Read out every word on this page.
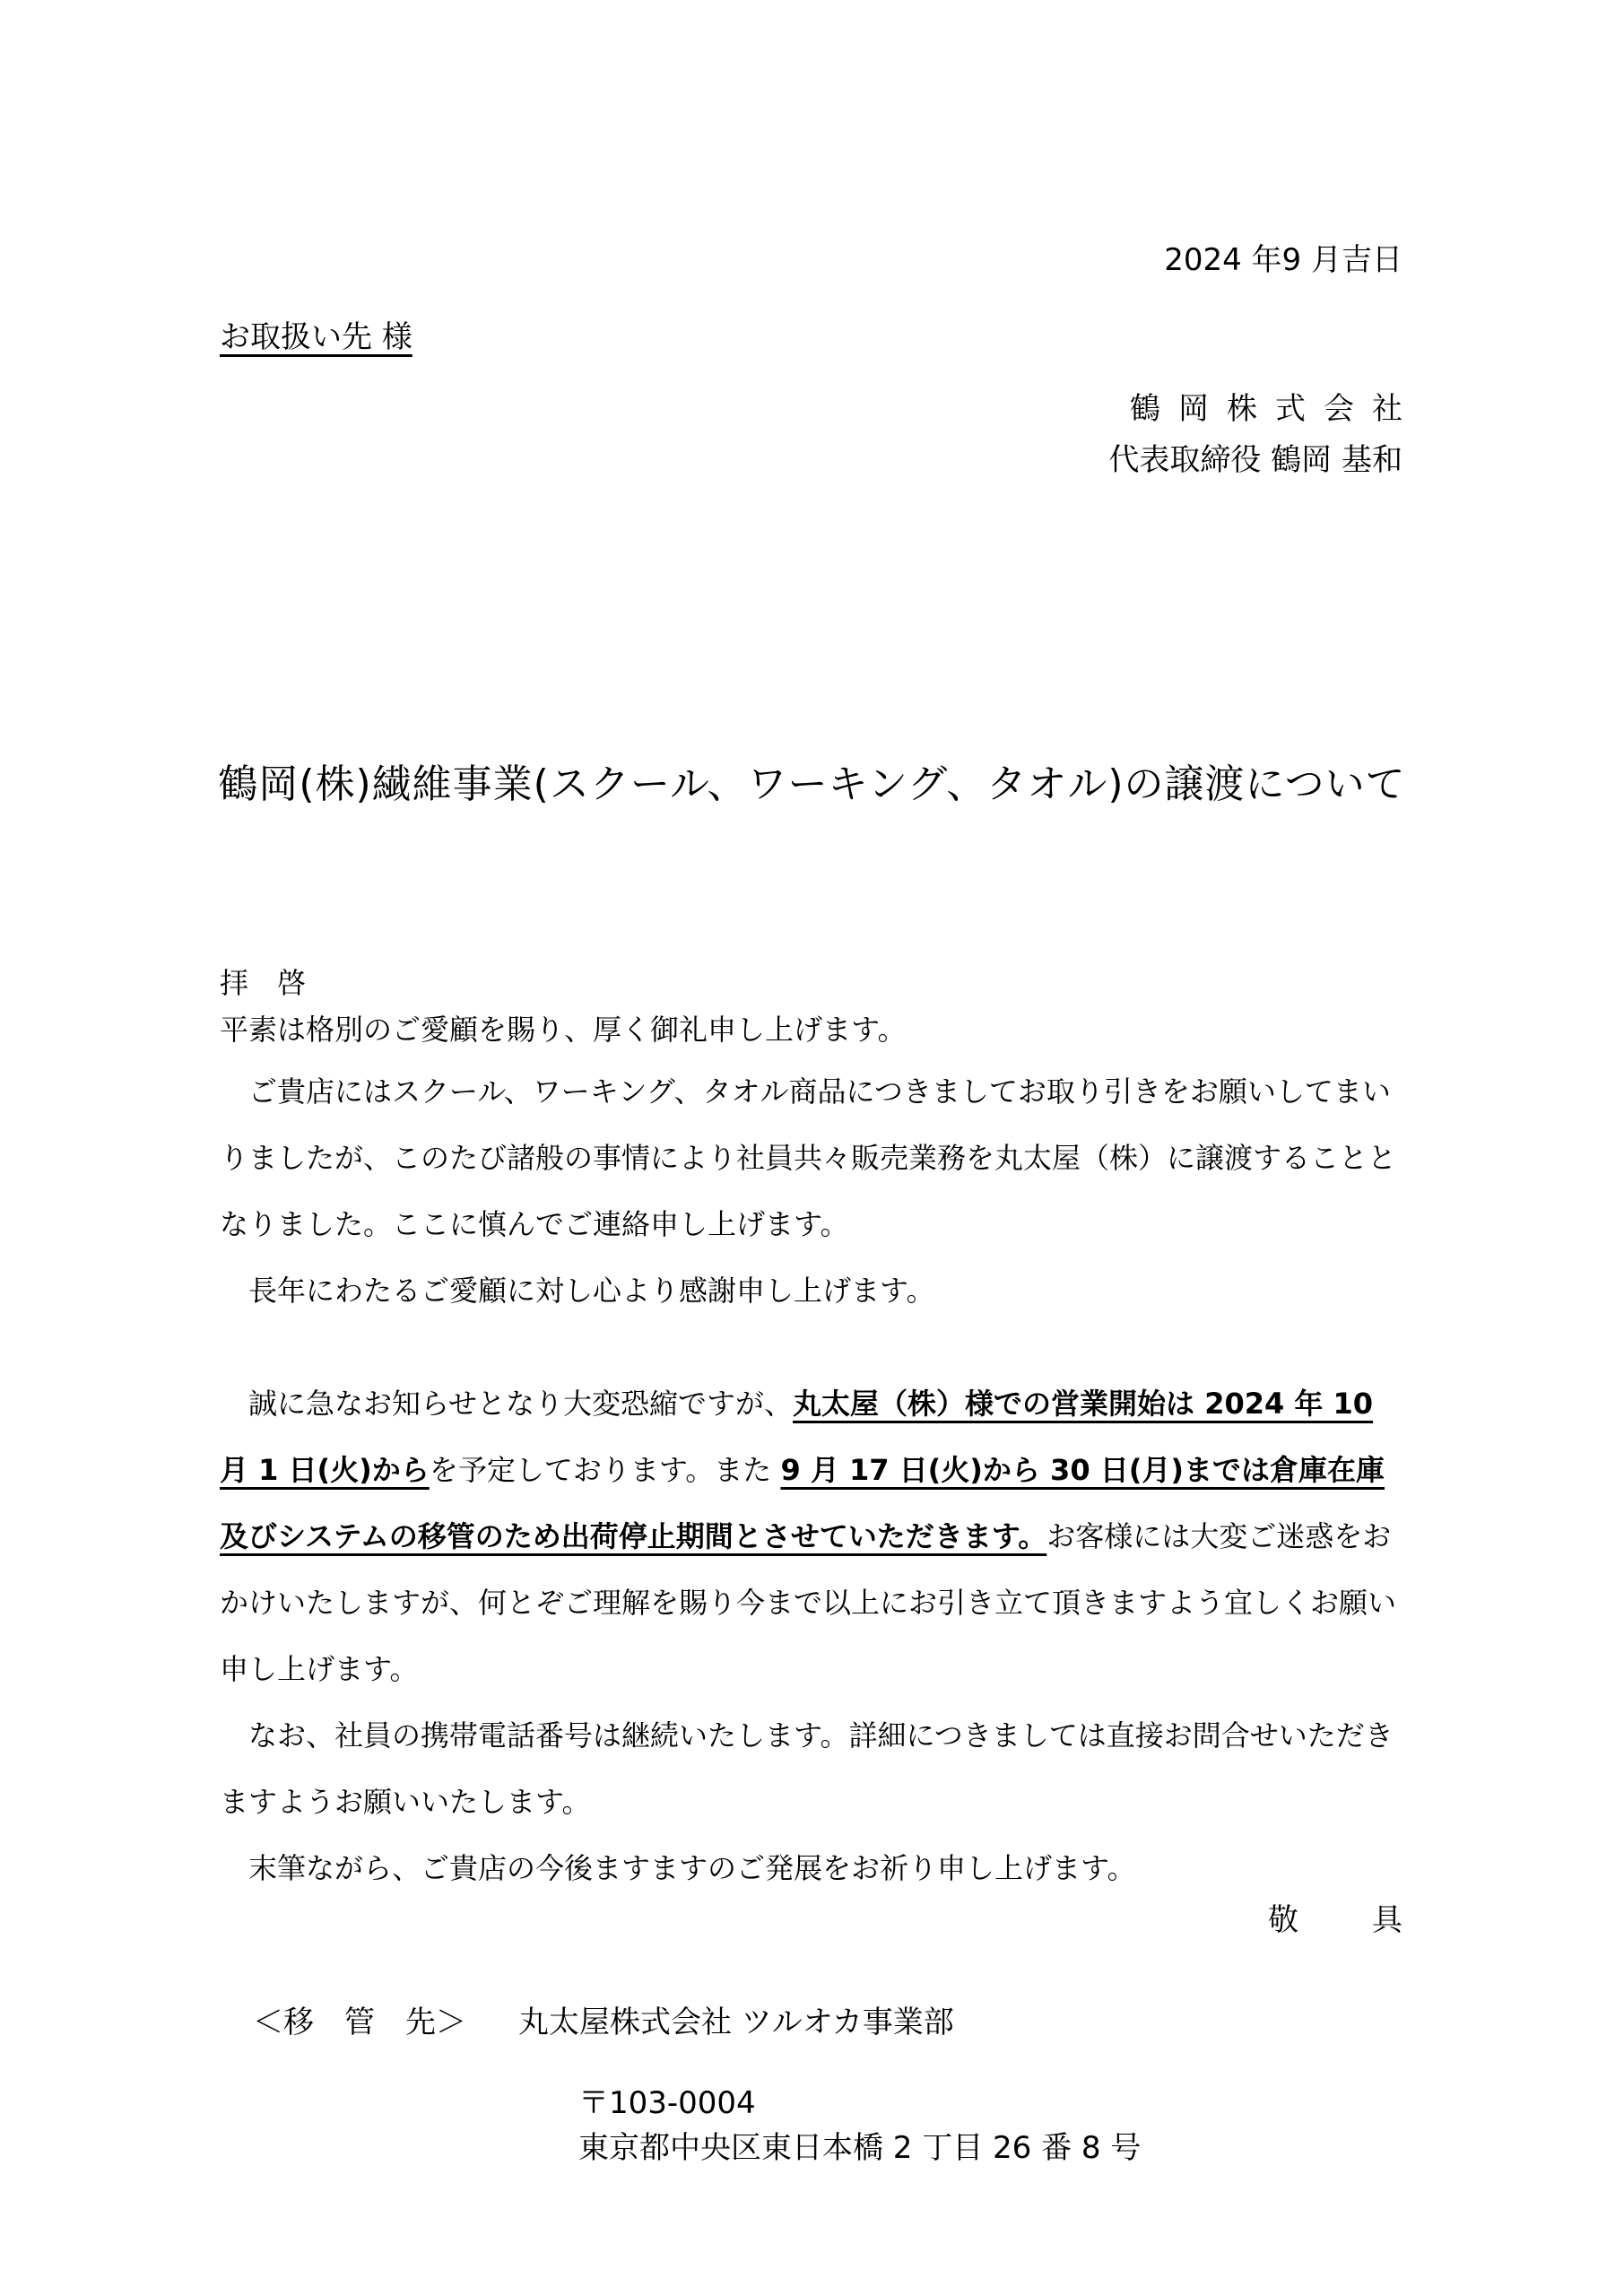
2024 年9 月吉日
お取扱い先 様
鶴岡株式会社
代表取締役 鶴岡 基和
鶴岡(株)繊維事業(スクール、ワーキング、タオル)の譲渡について

拝　啓

平素は格別のご愛顧を賜り、厚く御礼申し上げます。

ご貴店にはスクール、ワーキング、タオル商品につきましてお取り引きをお願いしてまいりましたが、このたび諸般の事情により社員共々販売業務を丸太屋（株）に譲渡することとなりました。ここに慎んでご連絡申し上げます。

長年にわたるご愛顧に対し心より感謝申し上げます。

誠に急なお知らせとなり大変恐縮ですが、丸太屋（株）様での営業開始は 2024 年 10 月 1 日(火)からを予定しております。また 9 月 17 日(火)から 30 日(月)までは倉庫在庫及びシステムの移管のため出荷停止期間とさせていただきます。お客様には大変ご迷惑をおかけいたしますが、何とぞご理解を賜り今まで以上にお引き立て頂きますよう宜しくお願い申し上げます。

なお、社員の携帯電話番号は継続いたします。詳細につきましては直接お問合せいただきますようお願いいたします。

末筆ながら、ご貴店の今後ますますのご発展をお祈り申し上げます。

敬　具
＜移　管　先＞ 丸太屋株式会社 ツルオカ事業部
〒103-0004
東京都中央区東日本橋 2 丁目 26 番 8 号
